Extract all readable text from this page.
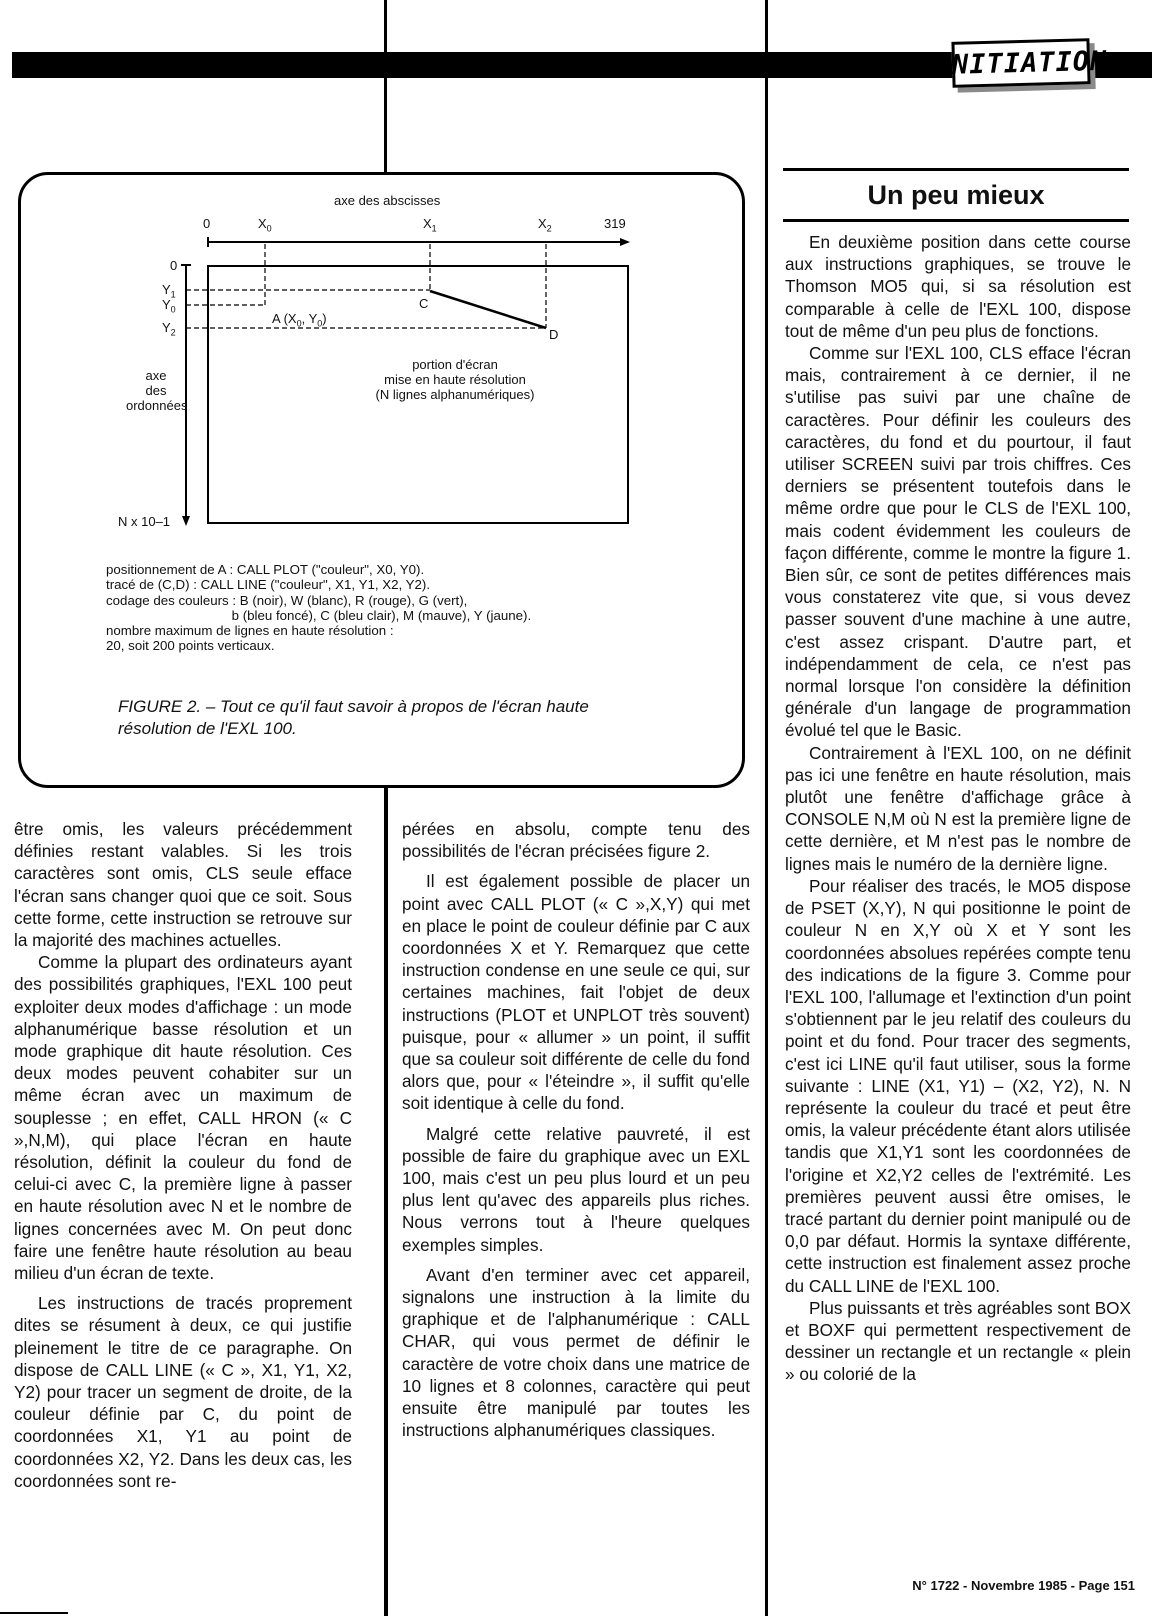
INITIATION
axe des abscisses
0	$X_0$	$X_1$	$X_2$	319
0
$Y_1$
$Y_0$
$Y_2$
N x 10–1
axe
des
ordonnées
A ($X_0$, $Y_0$)
C
D
portion d'écran
mise en haute résolution
(N lignes alphanumériques)
positionnement de A : CALL PLOT ("couleur", X0, Y0).
tracé de (C,D) : CALL LINE ("couleur", X1, Y1, X2, Y2).
codage des couleurs : B (noir), W (blanc), R (rouge), G (vert),
b (bleu foncé), C (bleu clair), M (mauve), Y (jaune).
nombre maximum de lignes en haute résolution :
20, soit 200 points verticaux.
FIGURE 2. – Tout ce qu'il faut savoir à propos de l'écran haute résolution de l'EXL 100.

être omis, les valeurs précédemment définies restant valables. Si les trois caractères sont omis, CLS seule efface l'écran sans changer quoi que ce soit. Sous cette forme, cette instruction se retrouve sur la majorité des machines actuelles.

Comme la plupart des ordinateurs ayant des possibilités graphiques, l'EXL 100 peut exploiter deux modes d'affichage : un mode alphanumérique basse résolution et un mode graphique dit haute résolution. Ces deux modes peuvent cohabiter sur un même écran avec un maximum de souplesse ; en effet, CALL HRON (« C »,N,M), qui place l'écran en haute résolution, définit la couleur du fond de celui-ci avec C, la première ligne à passer en haute résolution avec N et le nombre de lignes concernées avec M. On peut donc faire une fenêtre haute résolution au beau milieu d'un écran de texte.

Les instructions de tracés proprement dites se résument à deux, ce qui justifie pleinement le titre de ce paragraphe. On dispose de CALL LINE (« C », X1, Y1, X2, Y2) pour tracer un segment de droite, de la couleur définie par C, du point de coordonnées X1, Y1 au point de coordonnées X2, Y2. Dans les deux cas, les coordonnées sont re-

pérées en absolu, compte tenu des possibilités de l'écran précisées figure 2.

Il est également possible de placer un point avec CALL PLOT (« C »,X,Y) qui met en place le point de couleur définie par C aux coordonnées X et Y. Remarquez que cette instruction condense en une seule ce qui, sur certaines machines, fait l'objet de deux instructions (PLOT et UNPLOT très souvent) puisque, pour « allumer » un point, il suffit que sa couleur soit différente de celle du fond alors que, pour « l'éteindre », il suffit qu'elle soit identique à celle du fond.

Malgré cette relative pauvreté, il est possible de faire du graphique avec un EXL 100, mais c'est un peu plus lourd et un peu plus lent qu'avec des appareils plus riches. Nous verrons tout à l'heure quelques exemples simples.

Avant d'en terminer avec cet appareil, signalons une instruction à la limite du graphique et de l'alphanumérique : CALL CHAR, qui vous permet de définir le caractère de votre choix dans une matrice de 10 lignes et 8 colonnes, caractère qui peut ensuite être manipulé par toutes les instructions alphanumériques classiques.

Un peu mieux

En deuxième position dans cette course aux instructions graphiques, se trouve le Thomson MO5 qui, si sa résolution est comparable à celle de l'EXL 100, dispose tout de même d'un peu plus de fonctions.

Comme sur l'EXL 100, CLS efface l'écran mais, contrairement à ce dernier, il ne s'utilise pas suivi par une chaîne de caractères. Pour définir les couleurs des caractères, du fond et du pourtour, il faut utiliser SCREEN suivi par trois chiffres. Ces derniers se présentent toutefois dans le même ordre que pour le CLS de l'EXL 100, mais codent évidemment les couleurs de façon différente, comme le montre la figure 1. Bien sûr, ce sont de petites différences mais vous constaterez vite que, si vous devez passer souvent d'une machine à une autre, c'est assez crispant. D'autre part, et indépendamment de cela, ce n'est pas normal lorsque l'on considère la définition générale d'un langage de programmation évolué tel que le Basic.

Contrairement à l'EXL 100, on ne définit pas ici une fenêtre en haute résolution, mais plutôt une fenêtre d'affichage grâce à CONSOLE N,M où N est la première ligne de cette dernière, et M n'est pas le nombre de lignes mais le numéro de la dernière ligne.

Pour réaliser des tracés, le MO5 dispose de PSET (X,Y), N qui positionne le point de couleur N en X,Y où X et Y sont les coordonnées absolues repérées compte tenu des indications de la figure 3. Comme pour l'EXL 100, l'allumage et l'extinction d'un point s'obtiennent par le jeu relatif des couleurs du point et du fond. Pour tracer des segments, c'est ici LINE qu'il faut utiliser, sous la forme suivante : LINE (X1, Y1) – (X2, Y2), N. N représente la couleur du tracé et peut être omis, la valeur précédente étant alors utilisée tandis que X1,Y1 sont les coordonnées de l'origine et X2,Y2 celles de l'extrémité. Les premières peuvent aussi être omises, le tracé partant du dernier point manipulé ou de 0,0 par défaut. Hormis la syntaxe différente, cette instruction est finalement assez proche du CALL LINE de l'EXL 100.

Plus puissants et très agréables sont BOX et BOXF qui permettent respectivement de dessiner un rectangle et un rectangle « plein » ou colorié de la

N° 1722 - Novembre 1985 - Page 151
